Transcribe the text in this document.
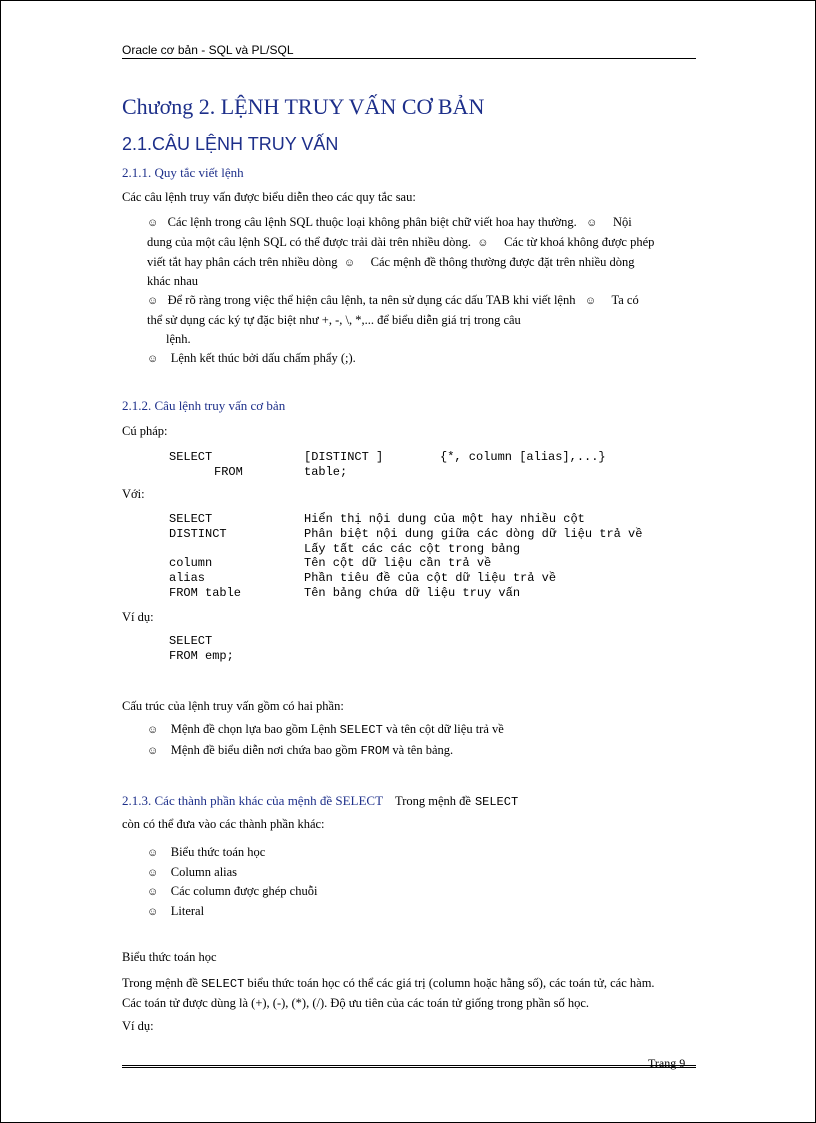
Oracle cơ bản - SQL và PL/SQL
Chương 2. LỆNH TRUY VẤN CƠ BẢN
2.1.CÂU LỆNH TRUY VẤN
2.1.1. Quy tắc viết lệnh
Các câu lệnh truy vấn được biểu diễn theo các quy tắc sau:
☺ Các lệnh trong câu lệnh SQL thuộc loại không phân biệt chữ viết hoa hay thường. ☺ Nội
dung của một câu lệnh SQL có thể được trải dài trên nhiều dòng. ☺ Các từ khoá không được phép
viết tắt hay phân cách trên nhiều dòng ☺ Các mệnh đề thông thường được đặt trên nhiều dòng
khác nhau
☺ Để rõ ràng trong việc thể hiện câu lệnh, ta nên sử dụng các dấu TAB khi viết lệnh ☺ Ta có
thể sử dụng các ký tự đặc biệt như +, -, \, *,... để biểu diễn giá trị trong câu
lệnh.
☺ Lệnh kết thúc bởi dấu chấm phẩy (;).
2.1.2. Câu lệnh truy vấn cơ bản
Cú pháp:
SELECT	[DISTINCT ]	{*, column [alias],...}
FROM	table;
Với:
SELECT	Hiển thị nội dung của một hay nhiều cột
DISTINCT	Phân biệt nội dung giữa các dòng dữ liệu trả về
Lấy tất các các cột trong bảng
column	Tên cột dữ liệu cần trả về
alias	Phần tiêu đề của cột dữ liệu trả về
FROM table	Tên bảng chứa dữ liệu truy vấn
Ví dụ:
SELECT
FROM emp;
Cấu trúc của lệnh truy vấn gồm có hai phần:
☺ Mệnh đề chọn lựa bao gồm Lệnh SELECT và tên cột dữ liệu trả về
☺ Mệnh đề biểu diễn nơi chứa bao gồm FROM và tên bảng.
2.1.3. Các thành phần khác của mệnh đề SELECT Trong mệnh đề SELECT
còn có thể đưa vào các thành phần khác:
☺ Biểu thức toán học
☺ Column alias
☺ Các column được ghép chuỗi
☺ Literal
Biểu thức toán học
Trong mệnh đề SELECT biểu thức toán học có thể các giá trị (column hoặc hằng số), các toán tử, các hàm.
Các toán tử được dùng là (+), (-), (*), (/). Độ ưu tiên của các toán tử giống trong phần số học.
Ví dụ:
Trang 9
